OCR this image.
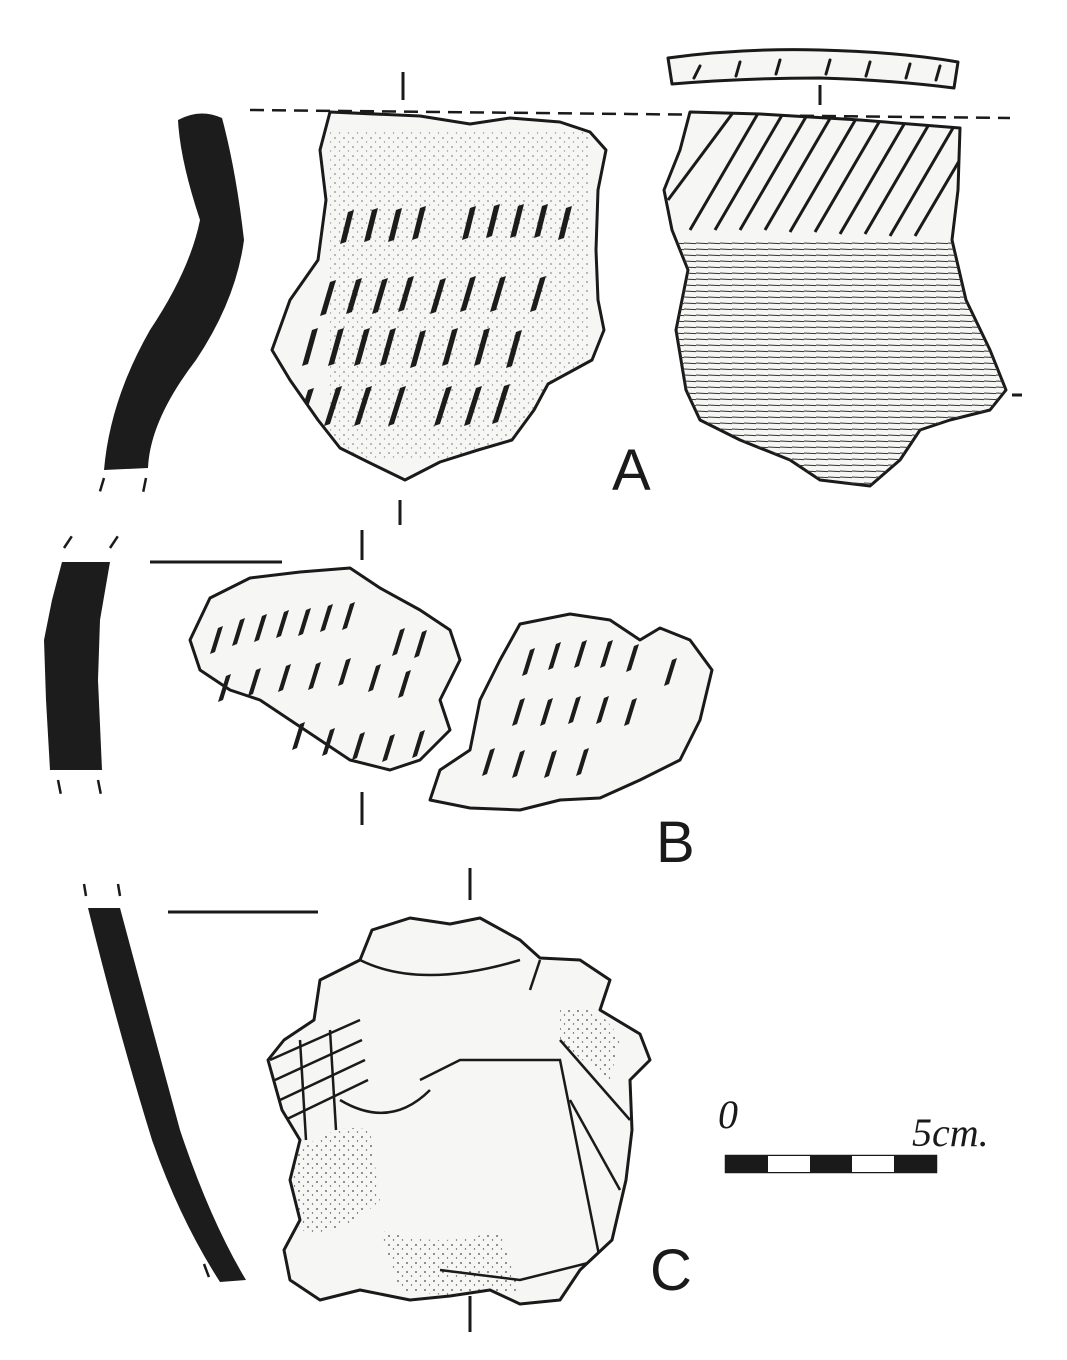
A
B
C
0	5cm.
